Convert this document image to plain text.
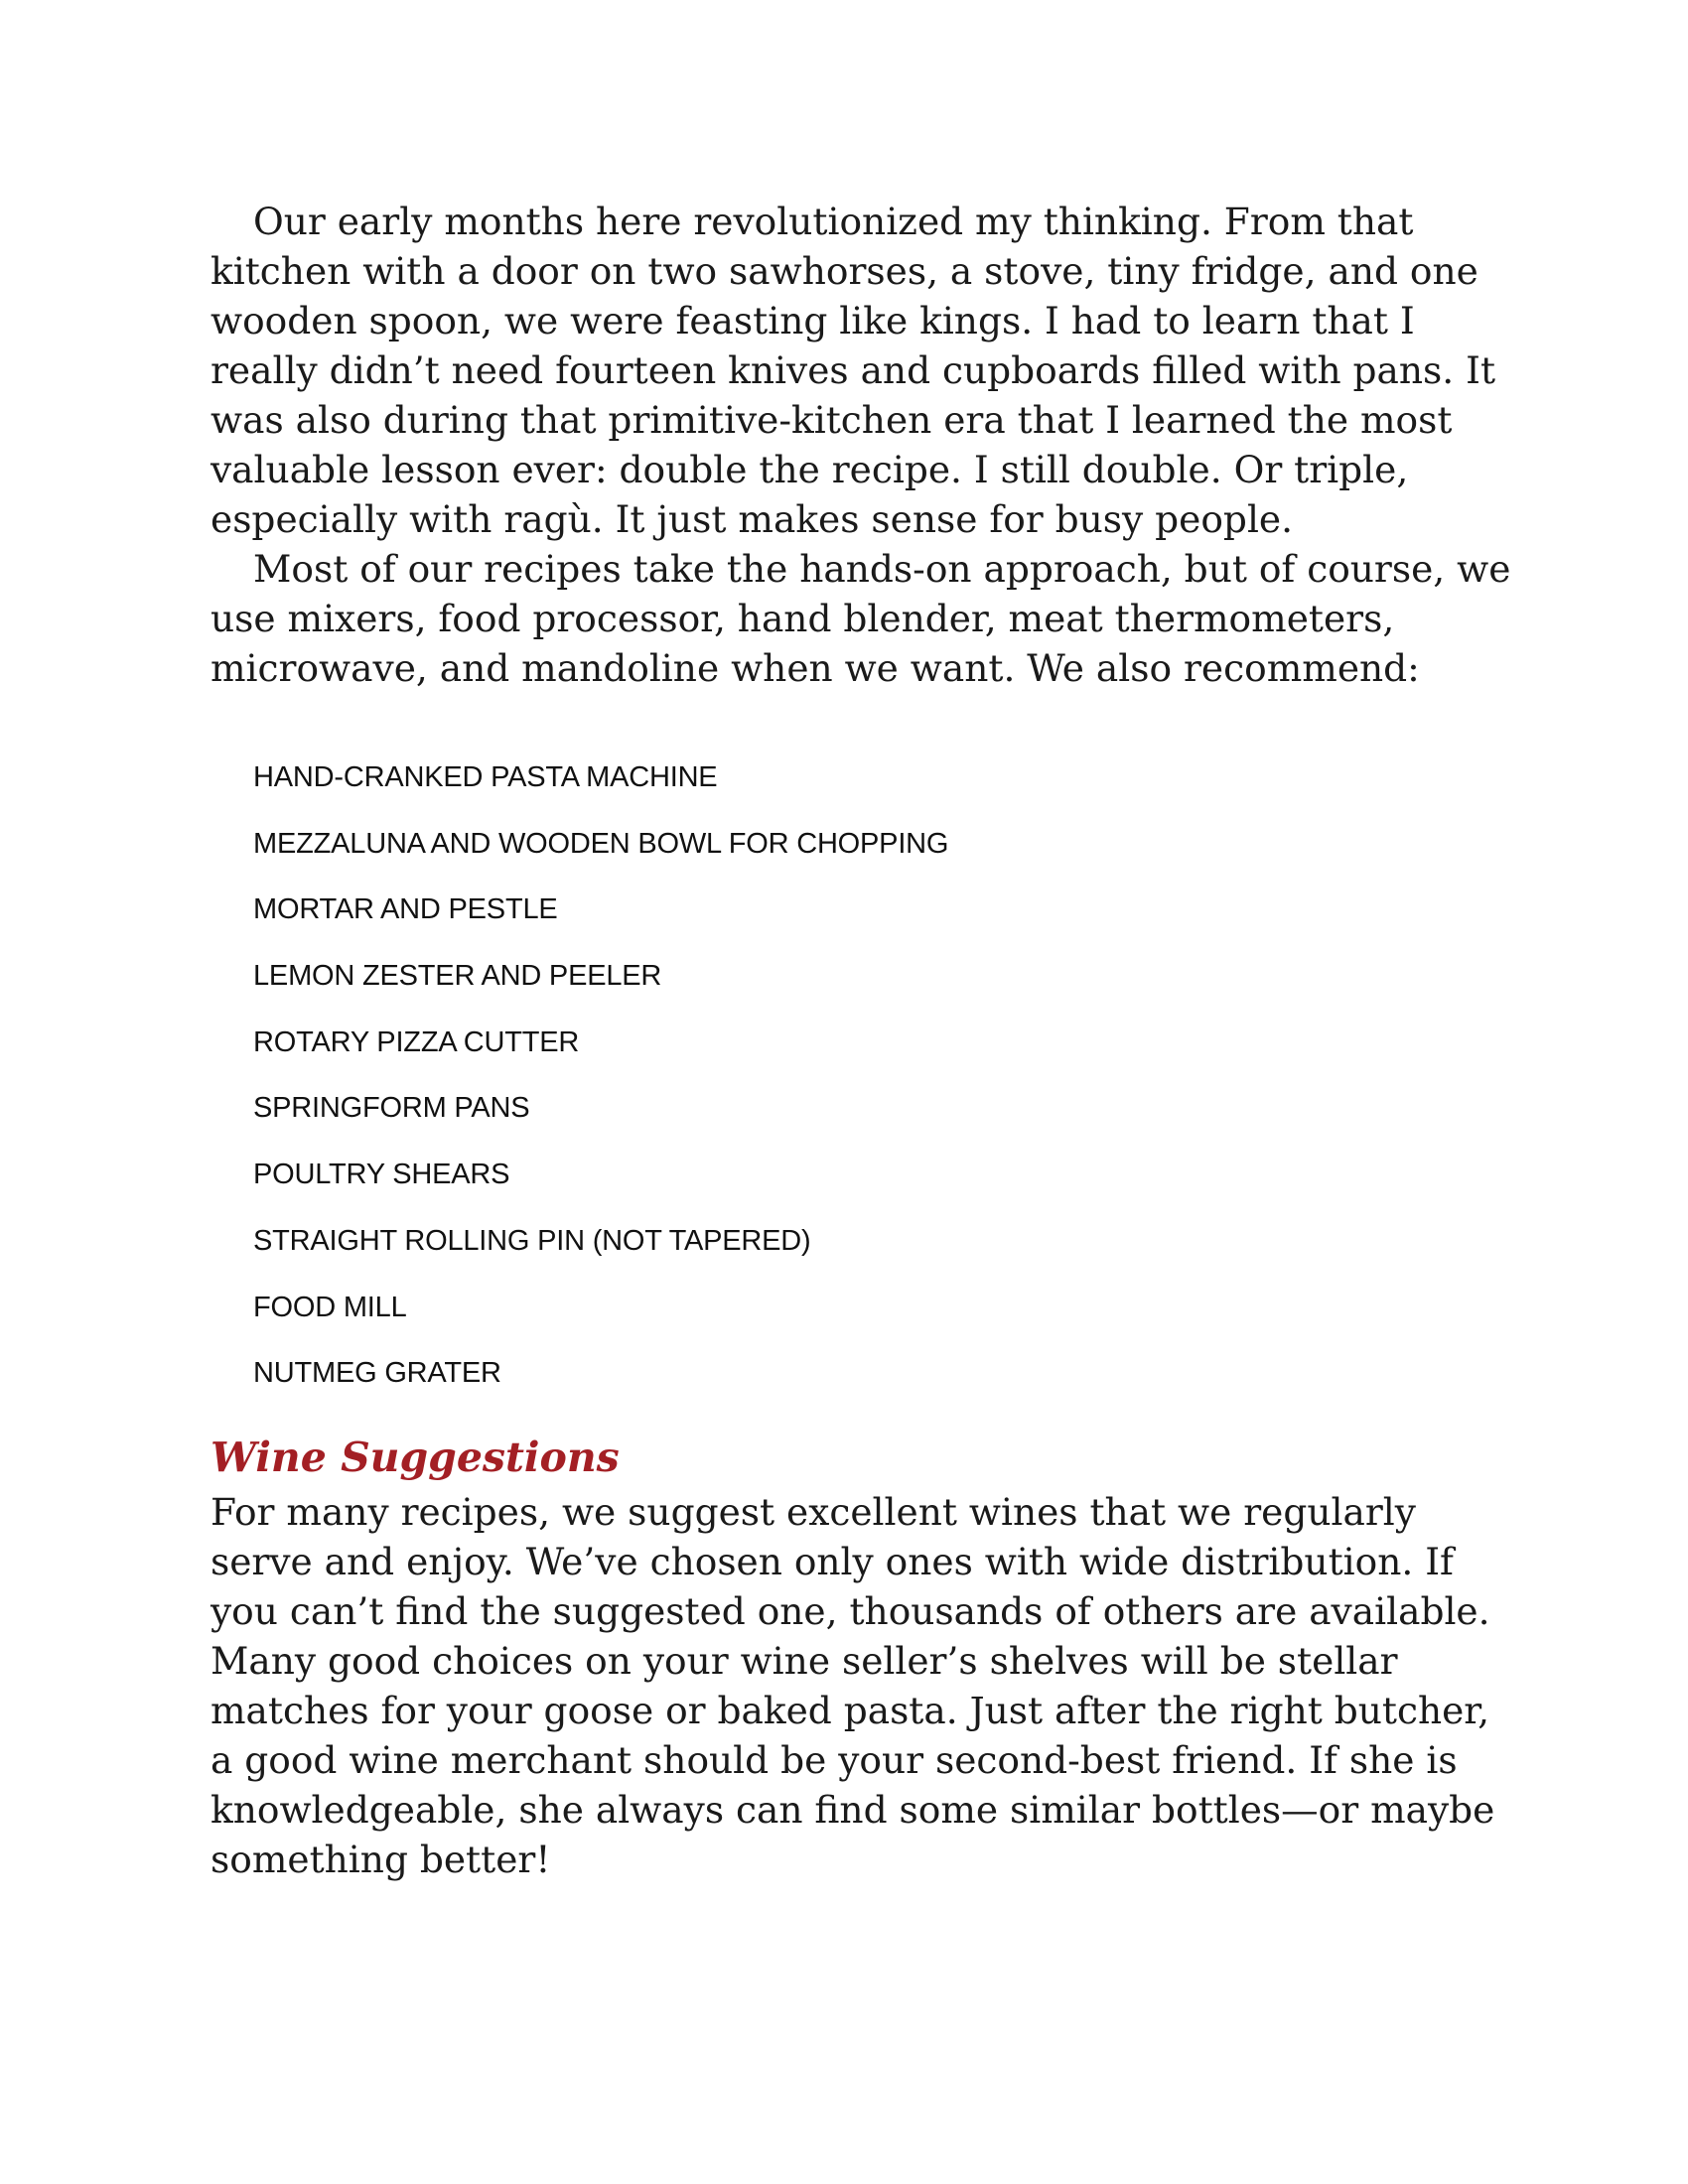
Our early months here revolutionized my thinking. From that
kitchen with a door on two sawhorses, a stove, tiny fridge, and one
wooden spoon, we were feasting like kings. I had to learn that I
really didn’t need fourteen knives and cupboards filled with pans. It
was also during that primitive-kitchen era that I learned the most
valuable lesson ever: double the recipe. I still double. Or triple,
especially with ragù. It just makes sense for busy people.
Most of our recipes take the hands-on approach, but of course, we
use mixers, food processor, hand blender, meat thermometers,
microwave, and mandoline when we want. We also recommend:

HAND-CRANKED PASTA MACHINE
MEZZALUNA AND WOODEN BOWL FOR CHOPPING
MORTAR AND PESTLE
LEMON ZESTER AND PEELER
ROTARY PIZZA CUTTER
SPRINGFORM PANS
POULTRY SHEARS
STRAIGHT ROLLING PIN (NOT TAPERED)
FOOD MILL
NUTMEG GRATER
Wine Suggestions

For many recipes, we suggest excellent wines that we regularly
serve and enjoy. We’ve chosen only ones with wide distribution. If
you can’t find the suggested one, thousands of others are available.
Many good choices on your wine seller’s shelves will be stellar
matches for your goose or baked pasta. Just after the right butcher,
a good wine merchant should be your second-best friend. If she is
knowledgeable, she always can find some similar bottles—or maybe
something better!
